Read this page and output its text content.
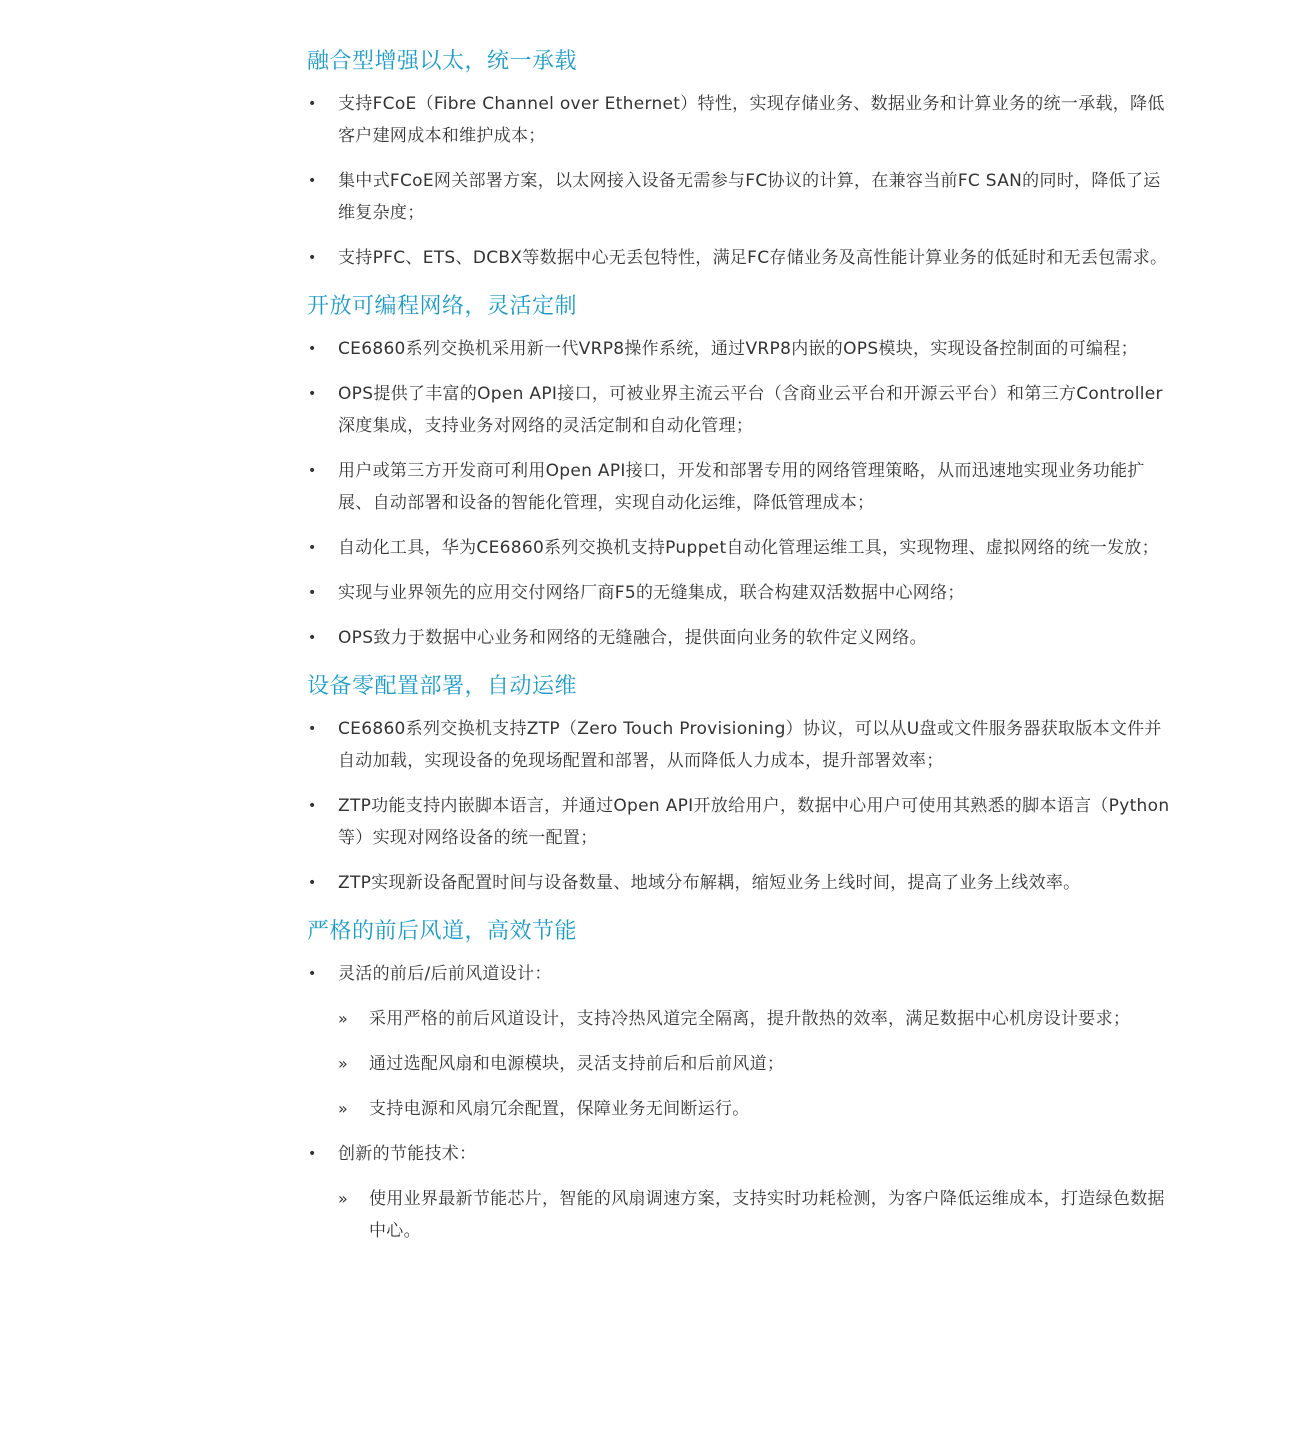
融合型增强以太，统一承载
• 支持FCoE（Fibre Channel over Ethernet）特性，实现存储业务、数据业务和计算业务的统一承载，降低客户建网成本和维护成本；
• 集中式FCoE网关部署方案，以太网接入设备无需参与FC协议的计算，在兼容当前FC SAN的同时，降低了运维复杂度；
• 支持PFC、ETS、DCBX等数据中心无丢包特性，满足FC存储业务及高性能计算业务的低延时和无丢包需求。
开放可编程网络，灵活定制
• CE6860系列交换机采用新一代VRP8操作系统，通过VRP8内嵌的OPS模块，实现设备控制面的可编程；
• OPS提供了丰富的Open API接口，可被业界主流云平台（含商业云平台和开源云平台）和第三方Controller深度集成，支持业务对网络的灵活定制和自动化管理；
• 用户或第三方开发商可利用Open API接口，开发和部署专用的网络管理策略，从而迅速地实现业务功能扩展、自动部署和设备的智能化管理，实现自动化运维，降低管理成本；
• 自动化工具，华为CE6860系列交换机支持Puppet自动化管理运维工具，实现物理、虚拟网络的统一发放；
• 实现与业界领先的应用交付网络厂商F5的无缝集成，联合构建双活数据中心网络；
• OPS致力于数据中心业务和网络的无缝融合，提供面向业务的软件定义网络。
设备零配置部署，自动运维
• CE6860系列交换机支持ZTP（Zero Touch Provisioning）协议，可以从U盘或文件服务器获取版本文件并自动加载，实现设备的免现场配置和部署，从而降低人力成本，提升部署效率；
• ZTP功能支持内嵌脚本语言，并通过Open API开放给用户，数据中心用户可使用其熟悉的脚本语言（Python等）实现对网络设备的统一配置；
• ZTP实现新设备配置时间与设备数量、地域分布解耦，缩短业务上线时间，提高了业务上线效率。
严格的前后风道，高效节能
• 灵活的前后/后前风道设计：
» 采用严格的前后风道设计，支持冷热风道完全隔离，提升散热的效率，满足数据中心机房设计要求；
» 通过选配风扇和电源模块，灵活支持前后和后前风道；
» 支持电源和风扇冗余配置，保障业务无间断运行。
• 创新的节能技术：
» 使用业界最新节能芯片，智能的风扇调速方案，支持实时功耗检测，为客户降低运维成本，打造绿色数据中心。
